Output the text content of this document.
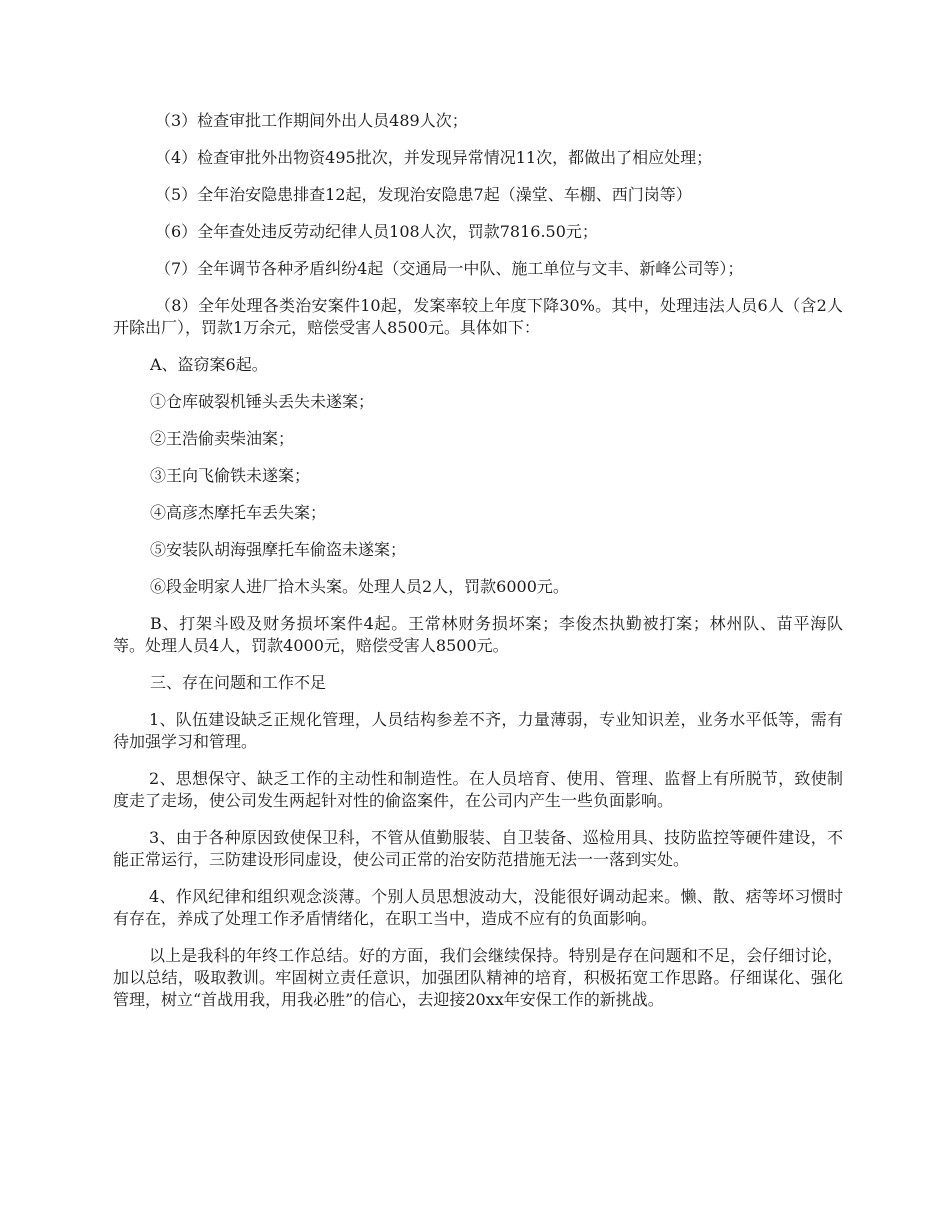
（3）检查审批工作期间外出人员489人次；

（4）检查审批外出物资495批次，并发现异常情况11次，都做出了相应处理；

（5）全年治安隐患排查12起，发现治安隐患7起（澡堂、车棚、西门岗等）

（6）全年查处违反劳动纪律人员108人次，罚款7816.50元；

（7）全年调节各种矛盾纠纷4起（交通局一中队、施工单位与文丰、新峰公司等）；

（8）全年处理各类治安案件10起，发案率较上年度下降30%。其中，处理违法人员6人（含2人开除出厂），罚款1万余元，赔偿受害人8500元。具体如下：

A、盗窃案6起。

①仓库破裂机锤头丢失未遂案；

②王浩偷卖柴油案；

③王向飞偷铁未遂案；

④高彦杰摩托车丢失案；

⑤安装队胡海强摩托车偷盗未遂案；

⑥段金明家人进厂拾木头案。处理人员2人，罚款6000元。

B、打架斗殴及财务损坏案件4起。王常林财务损坏案；李俊杰执勤被打案；林州队、苗平海队等。处理人员4人，罚款4000元，赔偿受害人8500元。

三、存在问题和工作不足

1、队伍建设缺乏正规化管理，人员结构参差不齐，力量薄弱，专业知识差，业务水平低等，需有待加强学习和管理。

2、思想保守、缺乏工作的主动性和制造性。在人员培育、使用、管理、监督上有所脱节，致使制度走了走场，使公司发生两起针对性的偷盗案件，在公司内产生一些负面影响。

3、由于各种原因致使保卫科，不管从值勤服装、自卫装备、巡检用具、技防监控等硬件建设，不能正常运行，三防建设形同虚设，使公司正常的治安防范措施无法一一落到实处。

4、作风纪律和组织观念淡薄。个别人员思想波动大，没能很好调动起来。懒、散、痞等坏习惯时有存在，养成了处理工作矛盾情绪化，在职工当中，造成不应有的负面影响。

以上是我科的年终工作总结。好的方面，我们会继续保持。特别是存在问题和不足，会仔细讨论，加以总结，吸取教训。牢固树立责任意识，加强团队精神的培育，积极拓宽工作思路。仔细谋化、强化管理，树立“首战用我，用我必胜”的信心，去迎接20xx年安保工作的新挑战。
